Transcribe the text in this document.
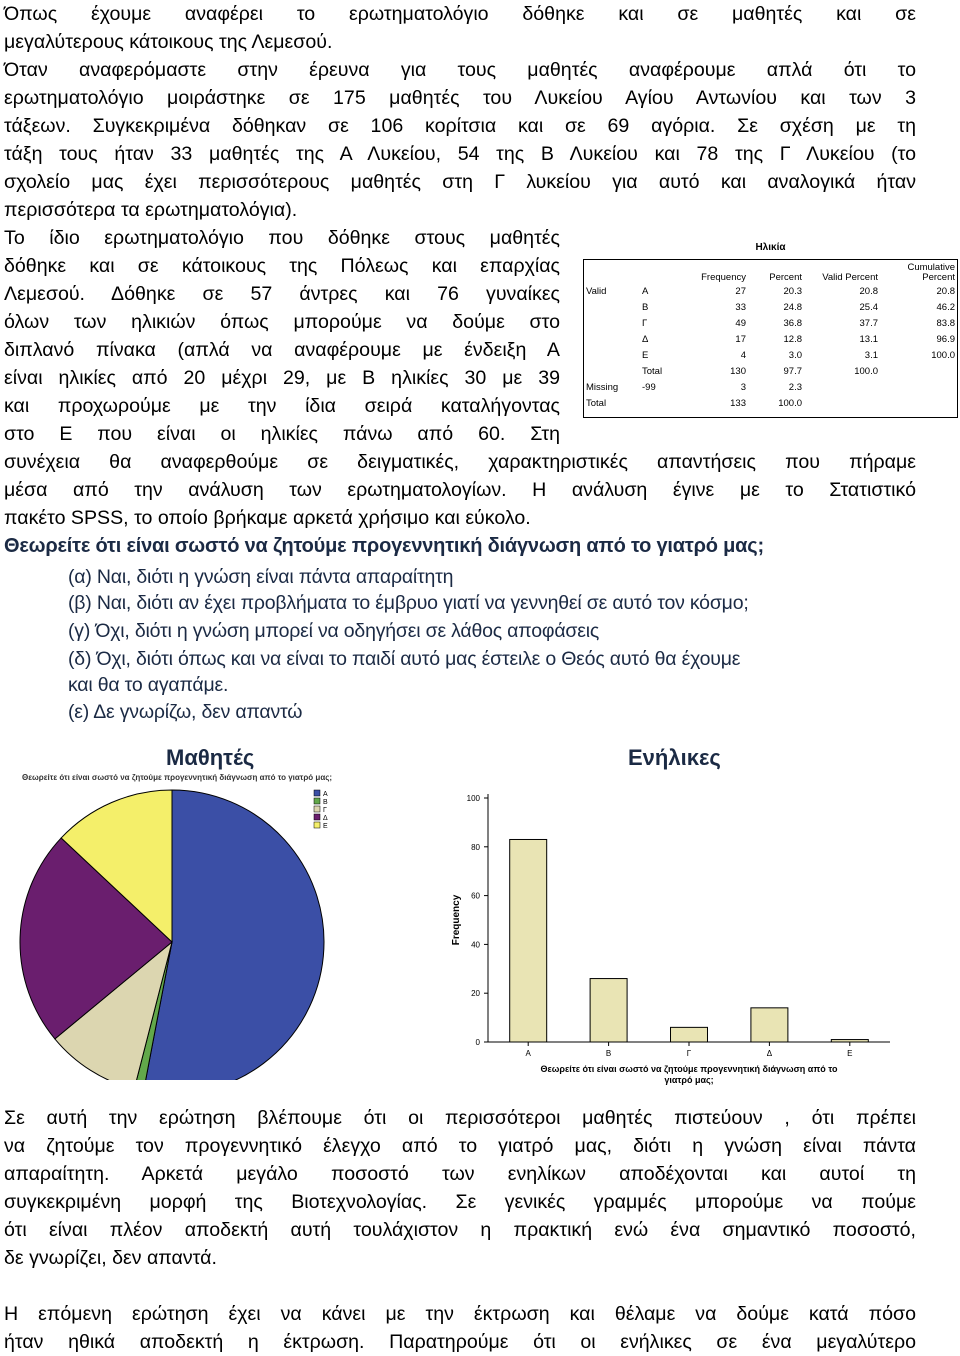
Όπως έχουμε αναφέρει το ερωτηματολόγιο δόθηκε και σε μαθητές και σε
μεγαλύτερους κάτοικους της Λεμεσού.
Όταν αναφερόμαστε στην έρευνα για τους μαθητές αναφέρουμε απλά ότι το
ερωτηματολόγιο μοιράστηκε σε 175 μαθητές του Λυκείου Αγίου Αντωνίου και των 3
τάξεων. Συγκεκριμένα δόθηκαν σε 106 κορίτσια και σε 69 αγόρια. Σε σχέση με τη
τάξη τους ήταν 33 μαθητές της Α Λυκείου, 54 της Β Λυκείου και 78 της Γ Λυκείου (το
σχολείο μας έχει περισσότερους μαθητές στη Γ λυκείου για αυτό και αναλογικά ήταν
περισσότερα τα ερωτηματολόγια).
Το ίδιο ερωτηματολόγιο που δόθηκε στους μαθητές
δόθηκε και σε κάτοικους της Πόλεως και επαρχίας
Λεμεσού. Δόθηκε σε 57 άντρες και 76 γυναίκες
όλων των ηλικιών όπως μπορούμε να δούμε στο
διπλανό πίνακα (απλά να αναφέρουμε με ένδειξη Α
είναι ηλικίες από 20 μέχρι 29, με Β ηλικίες 30 με 39
και προχωρούμε με την ίδια σειρά καταλήγοντας
στο Ε που είναι οι ηλικίες πάνω από 60. Στη
συνέχεια θα αναφερθούμε σε δειγματικές, χαρακτηριστικές απαντήσεις που πήραμε
μέσα από την ανάλυση των ερωτηματολογίων. Η ανάλυση έγινε με το Στατιστικό
πακέτο SPSS, το οποίο βρήκαμε αρκετά χρήσιμο και εύκολο.
Ηλικία
		Frequency	Percent	Valid Percent	Cumulative Percent
Valid	A	27	20.3	20.8	20.8
	B	33	24.8	25.4	46.2
	Γ	49	36.8	37.7	83.8
	Δ	17	12.8	13.1	96.9
	E	4	3.0	3.1	100.0
	Total	130	97.7	100.0	
Missing	-99	3	2.3		
Total		133	100.0		
Θεωρείτε ότι είναι σωστό να ζητούμε προγεννητική διάγνωση από το γιατρό μας;
(α) Ναι, διότι η γνώση είναι πάντα απαραίτητη
(β) Ναι, διότι αν έχει προβλήματα το έμβρυο γιατί να γεννηθεί σε αυτό τον κόσμο;
(γ) Όχι, διότι η γνώση μπορεί να οδηγήσει σε λάθος αποφάσεις
(δ) Όχι, διότι όπως και να είναι το παιδί αυτό μας έστειλε ο Θεός αυτό θα έχουμε
και θα το αγαπάμε.
(ε) Δε γνωρίζω, δεν απαντώ
Μαθητές
Θεωρείτε ότι είναι σωστό να ζητούμε προγεννητική διάγνωση από το γιατρό μας;
A
B
Γ
Δ
E
Ενήλικες
0
20
40
60
80
100
Frequency
A	B	Γ	Δ	E
Θεωρείτε ότι είναι σωστό να ζητούμε προγεννητική διάγνωση από το γιατρό μας;
Σε αυτή την ερώτηση βλέπουμε ότι οι περισσότεροι μαθητές πιστεύουν , ότι πρέπει
να ζητούμε τον προγεννητικό έλεγχο από το γιατρό μας, διότι η γνώση είναι πάντα
απαραίτητη. Αρκετά μεγάλο ποσοστό των ενηλίκων αποδέχονται και αυτοί τη
συγκεκριμένη μορφή της Βιοτεχνολογίας. Σε γενικές γραμμές μπορούμε να πούμε
ότι είναι πλέον αποδεκτή αυτή τουλάχιστον η πρακτική ενώ ένα σημαντικό ποσοστό,
δε γνωρίζει, δεν απαντά.
Η επόμενη ερώτηση έχει να κάνει με την έκτρωση και θέλαμε να δούμε κατά πόσο
ήταν ηθικά αποδεκτή η έκτρωση. Παρατηρούμε ότι οι ενήλικες σε ένα μεγαλύτερο
